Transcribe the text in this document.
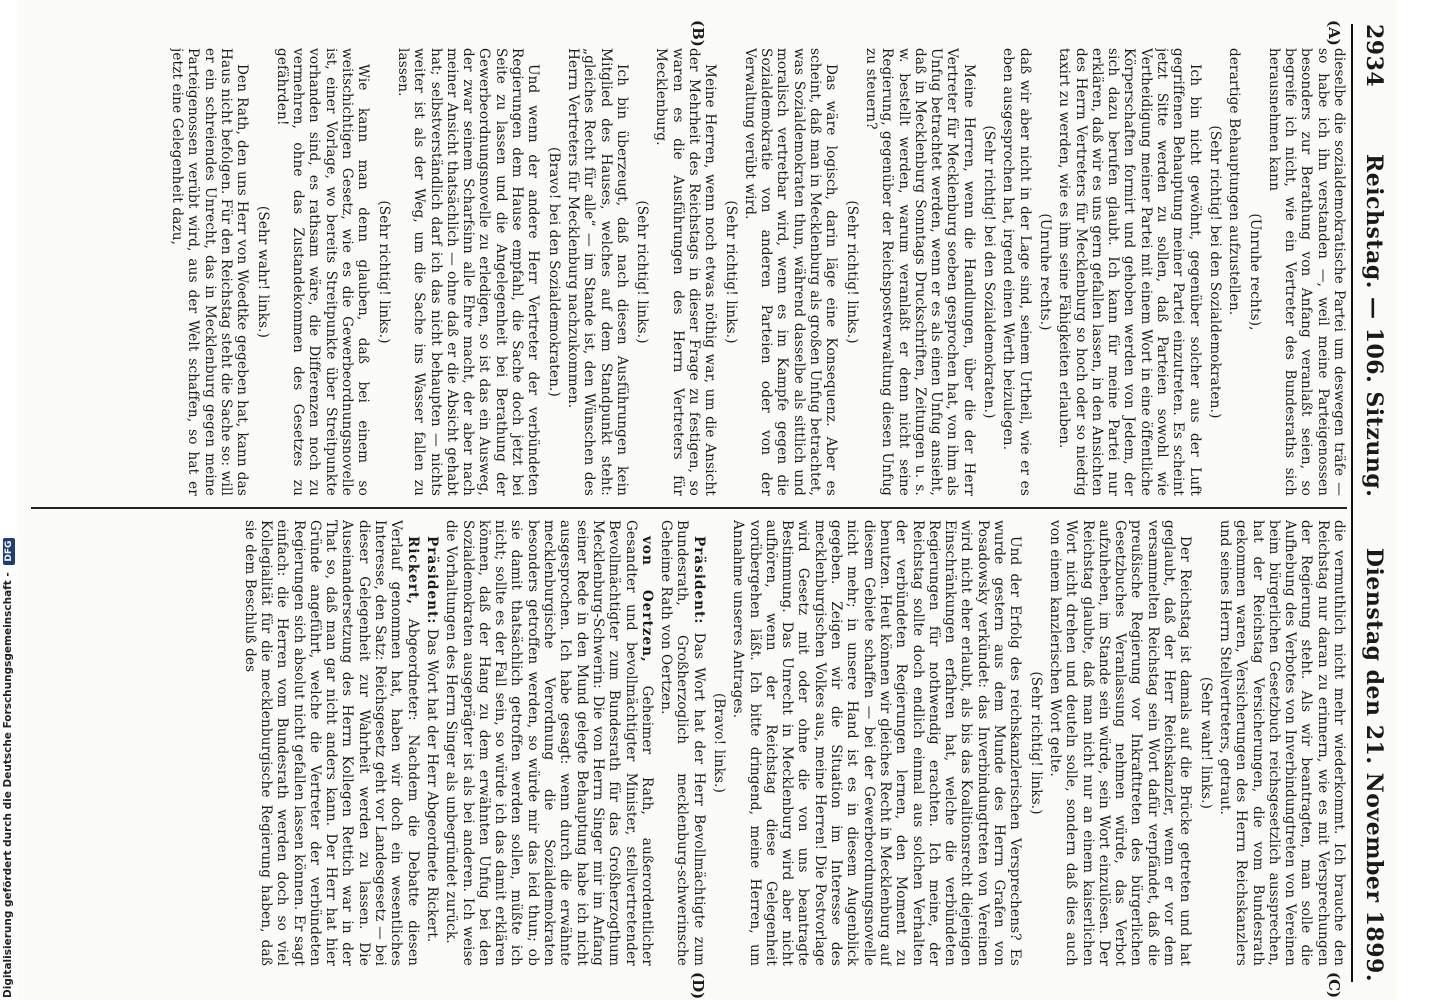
2934
Reichstag. — 106. Sitzung.
Dienstag den 21. November 1899.
(A)
(B)
(C)
(D)

dieselbe die sozialdemokratische Partei um deswegen träfe — so habe ich ihn verstanden —, weil meine Parteigenossen besonders zur Berathung von Anfang veranlaßt seien, so begreife ich nicht, wie ein Vertreter des Bundesraths sich herausnehmen kann

(Unruhe rechts),

derartige Behauptungen aufzustellen.

(Sehr richtig! bei den Sozialdemokraten.)

Ich bin nicht gewöhnt, gegenüber solcher aus der Luft gegriffenen Behauptung meiner Partei einzutreten. Es scheint jetzt Sitte werden zu sollen, daß Parteien sowohl wie Vertheidigung meiner Partei mit einem Wort in eine öffentliche Körperschaften formirt und gehoben werden von Jedem, der sich dazu berufen glaubt. Ich kann für meine Partei nur erklären, daß wir es uns gern gefallen lassen, in den Ansichten des Herrn Vertreters für Mecklenburg so hoch oder so niedrig taxirt zu werden, wie es ihm seine Fähigkeiten erlauben.

(Unruhe rechts.)

daß wir aber nicht in der Lage sind, seinem Urtheil, wie er es eben ausgesprochen hat, irgend einen Werth beizulegen.

(Sehr richtig! bei den Sozialdemokraten.)

Meine Herren, wenn die Handlungen, über die der Herr Vertreter für Mecklenburg soeben gesprochen hat, von ihm als Unfug betrachtet werden, wenn er es als einen Unfug ansieht, daß in Mecklenburg Sonntags Druckschriften, Zeitungen u. s. w. bestellt werden, warum veranlaßt er denn nicht seine Regierung, gegenüber der Reichspostverwaltung diesen Unfug zu steuern?

(Sehr richtig! links.)

Das wäre logisch, darin läge eine Konsequenz. Aber es scheint, daß man in Mecklenburg als großen Unfug betrachtet, was Sozialdemokraten thun, während dasselbe als sittlich und moralisch vertretbar wird, wenn es im Kampfe gegen die Sozialdemokratie von anderen Parteien oder von der Verwaltung verübt wird.

(Sehr richtig! links.)

Meine Herren, wenn noch etwas nöthig war, um die Ansicht der Mehrheit des Reichstags in dieser Frage zu festigen, so waren es die Ausführungen des Herrn Vertreters für Mecklenburg.

(Sehr richtig! links.)

Ich bin überzeugt, daß nach diesen Ausführungen kein Mitglied des Hauses, welches auf dem Standpunkt steht: „gleiches Recht für alle“ — im Stande ist, den Wünschen des Herrn Vertreters für Mecklenburg nachzukommen.

(Bravo! bei den Sozialdemokraten.)

Und wenn der andere Herr Vertreter der verbündeten Regierungen dem Hause empfahl, die Sache doch jetzt bei Seite zu lassen und die Angelegenheit bei Berathung der Gewerbeordnungsnovelle zu erledigen, so ist das ein Ausweg, der zwar seinem Scharfsinn alle Ehre macht, der aber nach meiner Ansicht thatsächlich — ohne daß er die Absicht gehabt hat; selbstverständlich darf ich das nicht behaupten — nichts weiter ist als der Weg, um die Sache ins Wasser fallen zu lassen.

(Sehr richtig! links.)

Wie kann man denn glauben, daß bei einem so weitschichtigen Gesetz, wie es die Gewerbeordnungsnovelle ist, einer Vorlage, wo bereits Streitpunkte über Streitpunkte vorhanden sind, es rathsam wäre, die Differenzen noch zu vermehren, ohne das Zustandekommen des Gesetzes zu gefährden!

(Sehr wahr! links.)

Den Rath, den uns Herr von Woedtke gegeben hat, kann das Haus nicht befolgen. Für den Reichstag steht die Sache so: will er ein schreiendes Unrecht, das in Mecklenburg gegen meine Parteigenossen verübt wird, aus der Welt schaffen, so hat er jetzt eine Gelegenheit dazu,

die vermuthlich nicht mehr wiederkommt. Ich brauche den Reichstag nur daran zu erinnern, wie es mit Versprechungen der Regierung steht. Als wir beantragten, man solle die Aufhebung des Verbotes von Inverbindungtreten von Vereinen beim bürgerlichen Gesetzbuch reichsgesetzlich aussprechen, hat der Reichstag Versicherungen, die vom Bundesrath gekommen waren, Versicherungen des Herrn Reichskanzlers und seines Herrn Stellvertreters, getraut.

(Sehr wahr! links.)

Der Reichstag ist damals auf die Brücke getreten und hat geglaubt, daß der Herr Reichskanzler, wenn er vor dem versammelten Reichstag sein Wort dafür verpfändet, daß die preußische Regierung vor Inkrafttreten des bürgerlichen Gesetzbuches Veranlassung nehmen würde, das Verbot aufzuheben, im Stande sein würde, sein Wort einzulösen. Der Reichstag glaubte, daß man nicht nur an einem kaiserlichen Wort nicht drehen und deuteln solle, sondern daß dies auch von einem kanzlerischen Wort gelte.

(Sehr richtig! links.)

Und der Erfolg des reichskanzlerischen Versprechens? Es wurde gestern aus dem Munde des Herrn Grafen von Posadowsky verkündet: das Inverbindungtreten von Vereinen wird nicht eher erlaubt, als bis das Koalitionsrecht diejenigen Einschränkungen erfahren hat, welche die verbündeten Regierungen für nothwendig erachten. Ich meine, der Reichstag sollte doch endlich einmal aus solchen Verhalten der verbündeten Regierungen lernen, den Moment zu benutzen. Heut können wir gleiches Recht in Mecklenburg auf diesem Gebiete schaffen — bei der Gewerbeordnungsnovelle nicht mehr; in unsere Hand ist es in diesem Augenblick gegeben. Zeigen wir die Situation im Interesse des mecklenburgischen Volkes aus, meine Herren! Die Postvorlage wird Gesetz mit oder ohne die von uns beantragte Bestimmung. Das Unrecht in Mecklenburg wird aber nicht aufhören, wenn der Reichstag diese Gelegenheit vorübergehen läßt. Ich bitte dringend, meine Herren, um Annahme unseres Antrages.

(Bravo! links.)

Präsident: Das Wort hat der Herr Bevollmächtigte zum Bundesrath, Großherzoglich mecklenburg-schwerinsche Geheime Rath von Oertzen.

von Oertzen, Geheimer Rath, außerordentlicher Gesandter und bevollmächtigter Minister, stellvertretender Bevollmächtigter zum Bundesrath für das Großherzogthum Mecklenburg-Schwerin: Die von Herrn Singer mir im Anfang seiner Rede in den Mund gelegte Behauptung habe ich nicht ausgesprochen. Ich habe gesagt: wenn durch die erwähnte mecklenburgische Verordnung die Sozialdemokraten besonders getroffen werden, so würde mir das leid thun; ob sie damit thatsächlich getroffen werden sollen, müßte ich nicht; sollte es der Fall sein, so würde ich das damit erklären können, daß der Hang zu dem erwähnten Unfug bei den Sozialdemokraten ausgeprägter ist als bei anderen. Ich weise die Vorhaltungen des Herrn Singer als unbegründet zurück.

Präsident: Das Wort hat der Herr Abgeordnete Rickert.

Rickert, Abgeordneter: Nachdem die Debatte diesen Verlauf genommen hat, haben wir doch ein wesentliches Interesse, den Satz: Reichsgesetz geht vor Landesgesetz — bei dieser Gelegenheit zur Wahrheit werden zu lassen. Die Auseinandersetzung des Herrn Kollegen Rettich war in der That so, daß man gar nicht anders kann. Der Herr hat hier Gründe angeführt, welche die Vertreter der verbündeten Regierungen sich absolut nicht gefallen lassen können. Er sagt einfach: die Herren vom Bundesrath werden doch so viel Kollegialität für die mecklenburgische Regierung haben, daß sie dem Beschluß des

Digitalisierung gefördert durch die Deutsche Forschungsgemeinschaft - DFG
